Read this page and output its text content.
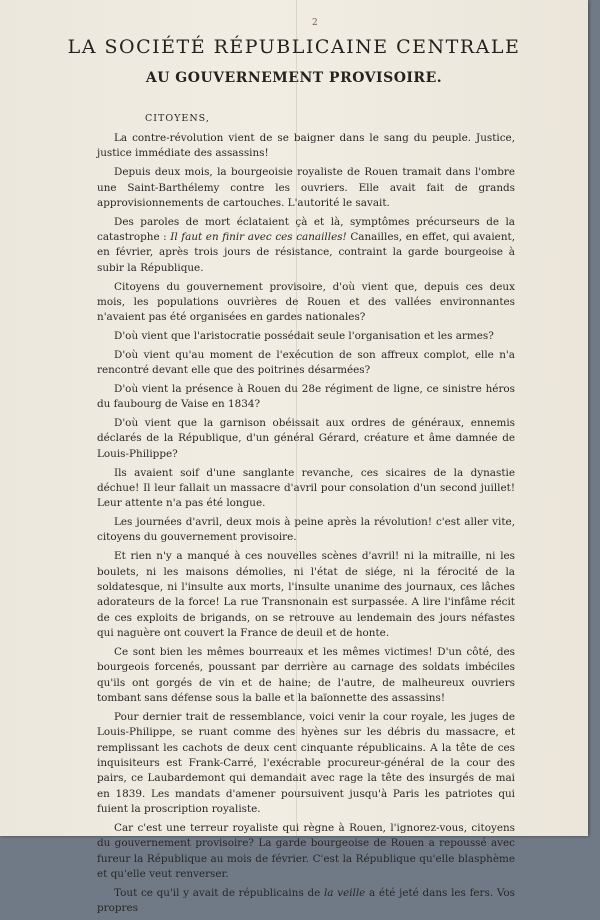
2
LA SOCIÉTÉ RÉPUBLICAINE CENTRALE
AU GOUVERNEMENT PROVISOIRE.
CITOYENS,

La contre-révolution vient de se baigner dans le sang du peuple. Justice, justice immédiate des assassins!

Depuis deux mois, la bourgeoisie royaliste de Rouen tramait dans l'ombre une Saint-Barthélemy contre les ouvriers. Elle avait fait de grands approvisionnements de cartouches. L'autorité le savait.

Des paroles de mort éclataient çà et là, symptômes précurseurs de la catastrophe : Il faut en finir avec ces canailles! Canailles, en effet, qui avaient, en février, après trois jours de résistance, contraint la garde bourgeoise à subir la République.

Citoyens du gouvernement provisoire, d'où vient que, depuis ces deux mois, les populations ouvrières de Rouen et des vallées environnantes n'avaient pas été organisées en gardes nationales?

D'où vient que l'aristocratie possédait seule l'organisation et les armes?

D'où vient qu'au moment de l'exécution de son affreux complot, elle n'a rencontré devant elle que des poitrines désarmées?

D'où vient la présence à Rouen du 28e régiment de ligne, ce sinistre héros du faubourg de Vaise en 1834?

D'où vient que la garnison obéissait aux ordres de généraux, ennemis déclarés de la République, d'un général Gérard, créature et âme damnée de Louis-Philippe?

Ils avaient soif d'une sanglante revanche, ces sicaires de la dynastie déchue! Il leur fallait un massacre d'avril pour consolation d'un second juillet! Leur attente n'a pas été longue.

Les journées d'avril, deux mois à peine après la révolution! c'est aller vite, citoyens du gouvernement provisoire.

Et rien n'y a manqué à ces nouvelles scènes d'avril! ni la mitraille, ni les boulets, ni les maisons démolies, ni l'état de siége, ni la férocité de la soldatesque, ni l'insulte aux morts, l'insulte unanime des journaux, ces lâches adorateurs de la force! La rue Transnonain est surpassée. A lire l'infâme récit de ces exploits de brigands, on se retrouve au lendemain des jours néfastes qui naguère ont couvert la France de deuil et de honte.

Ce sont bien les mêmes bourreaux et les mêmes victimes! D'un côté, des bourgeois forcenés, poussant par derrière au carnage des soldats imbéciles qu'ils ont gorgés de vin et de haine; de l'autre, de malheureux ouvriers tombant sans défense sous la balle et la baïonnette des assassins!

Pour dernier trait de ressemblance, voici venir la cour royale, les juges de Louis-Philippe, se ruant comme des hyènes sur les débris du massacre, et remplissant les cachots de deux cent cinquante républicains. A la tête de ces inquisiteurs est Frank-Carré, l'exécrable procureur-général de la cour des pairs, ce Laubardemont qui demandait avec rage la tête des insurgés de mai en 1839. Les mandats d'amener poursuivent jusqu'à Paris les patriotes qui fuient la proscription royaliste.

Car c'est une terreur royaliste qui règne à Rouen, l'ignorez-vous, citoyens du gouvernement provisoire? La garde bourgeoise de Rouen a repoussé avec fureur la République au mois de février. C'est la République qu'elle blasphème et qu'elle veut renverser.

Tout ce qu'il y avait de républicains de la veille a été jeté dans les fers. Vos propres
